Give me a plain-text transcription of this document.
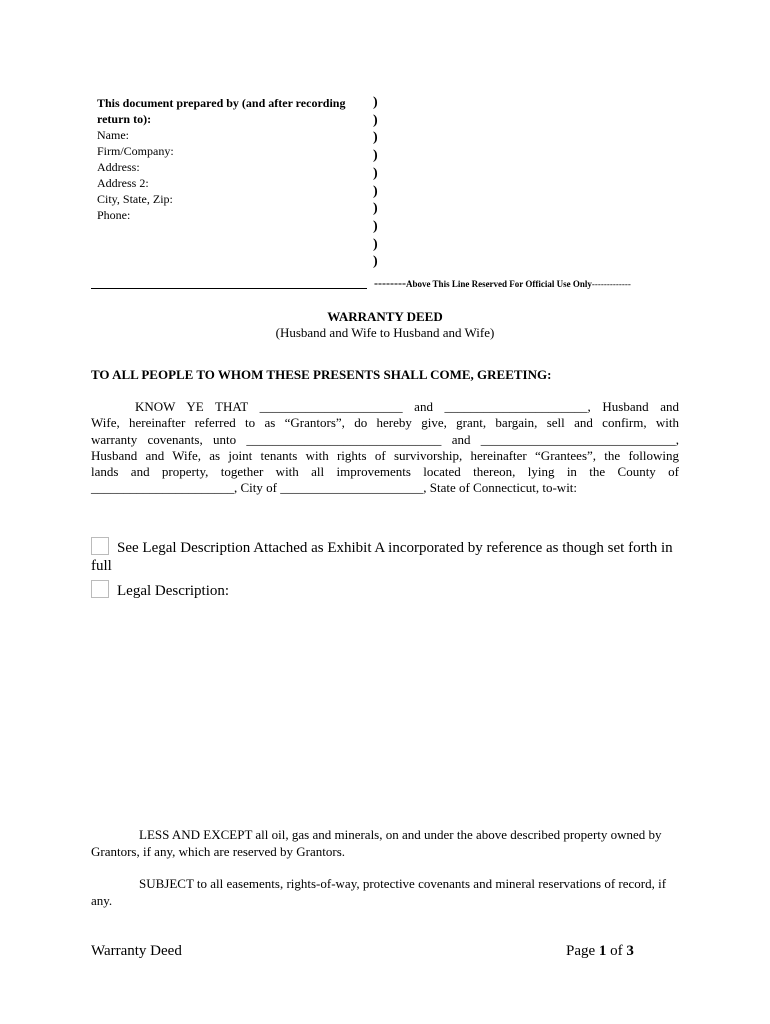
This document prepared by (and after recording
return to):
Name:
Firm/Company:
Address:
Address 2:
City, State, Zip:
Phone:
)
)
)
)
)
)
)
)
)
)
--------Above This Line Reserved For Official Use Only-------------
WARRANTY DEED
(Husband and Wife to Husband and Wife)
TO ALL PEOPLE TO WHOM THESE PRESENTS SHALL COME, GREETING:
KNOW YE THAT ______________________ and ______________________, Husband and
Wife, hereinafter referred to as “Grantors”, do hereby give, grant, bargain, sell and confirm, with
warranty covenants, unto ______________________________ and ______________________________,
Husband and Wife, as joint tenants with rights of survivorship, hereinafter “Grantees”, the following
lands and property, together with all improvements located thereon, lying in the County of
______________________, City of ______________________, State of Connecticut, to-wit:
See Legal Description Attached as Exhibit A incorporated by reference as though set forth in full
Legal Description:
LESS AND EXCEPT all oil, gas and minerals, on and under the above described property owned by Grantors, if any, which are reserved by Grantors.
SUBJECT to all easements, rights-of-way, protective covenants and mineral reservations of record, if any.
Warranty Deed	Page 1 of 3
